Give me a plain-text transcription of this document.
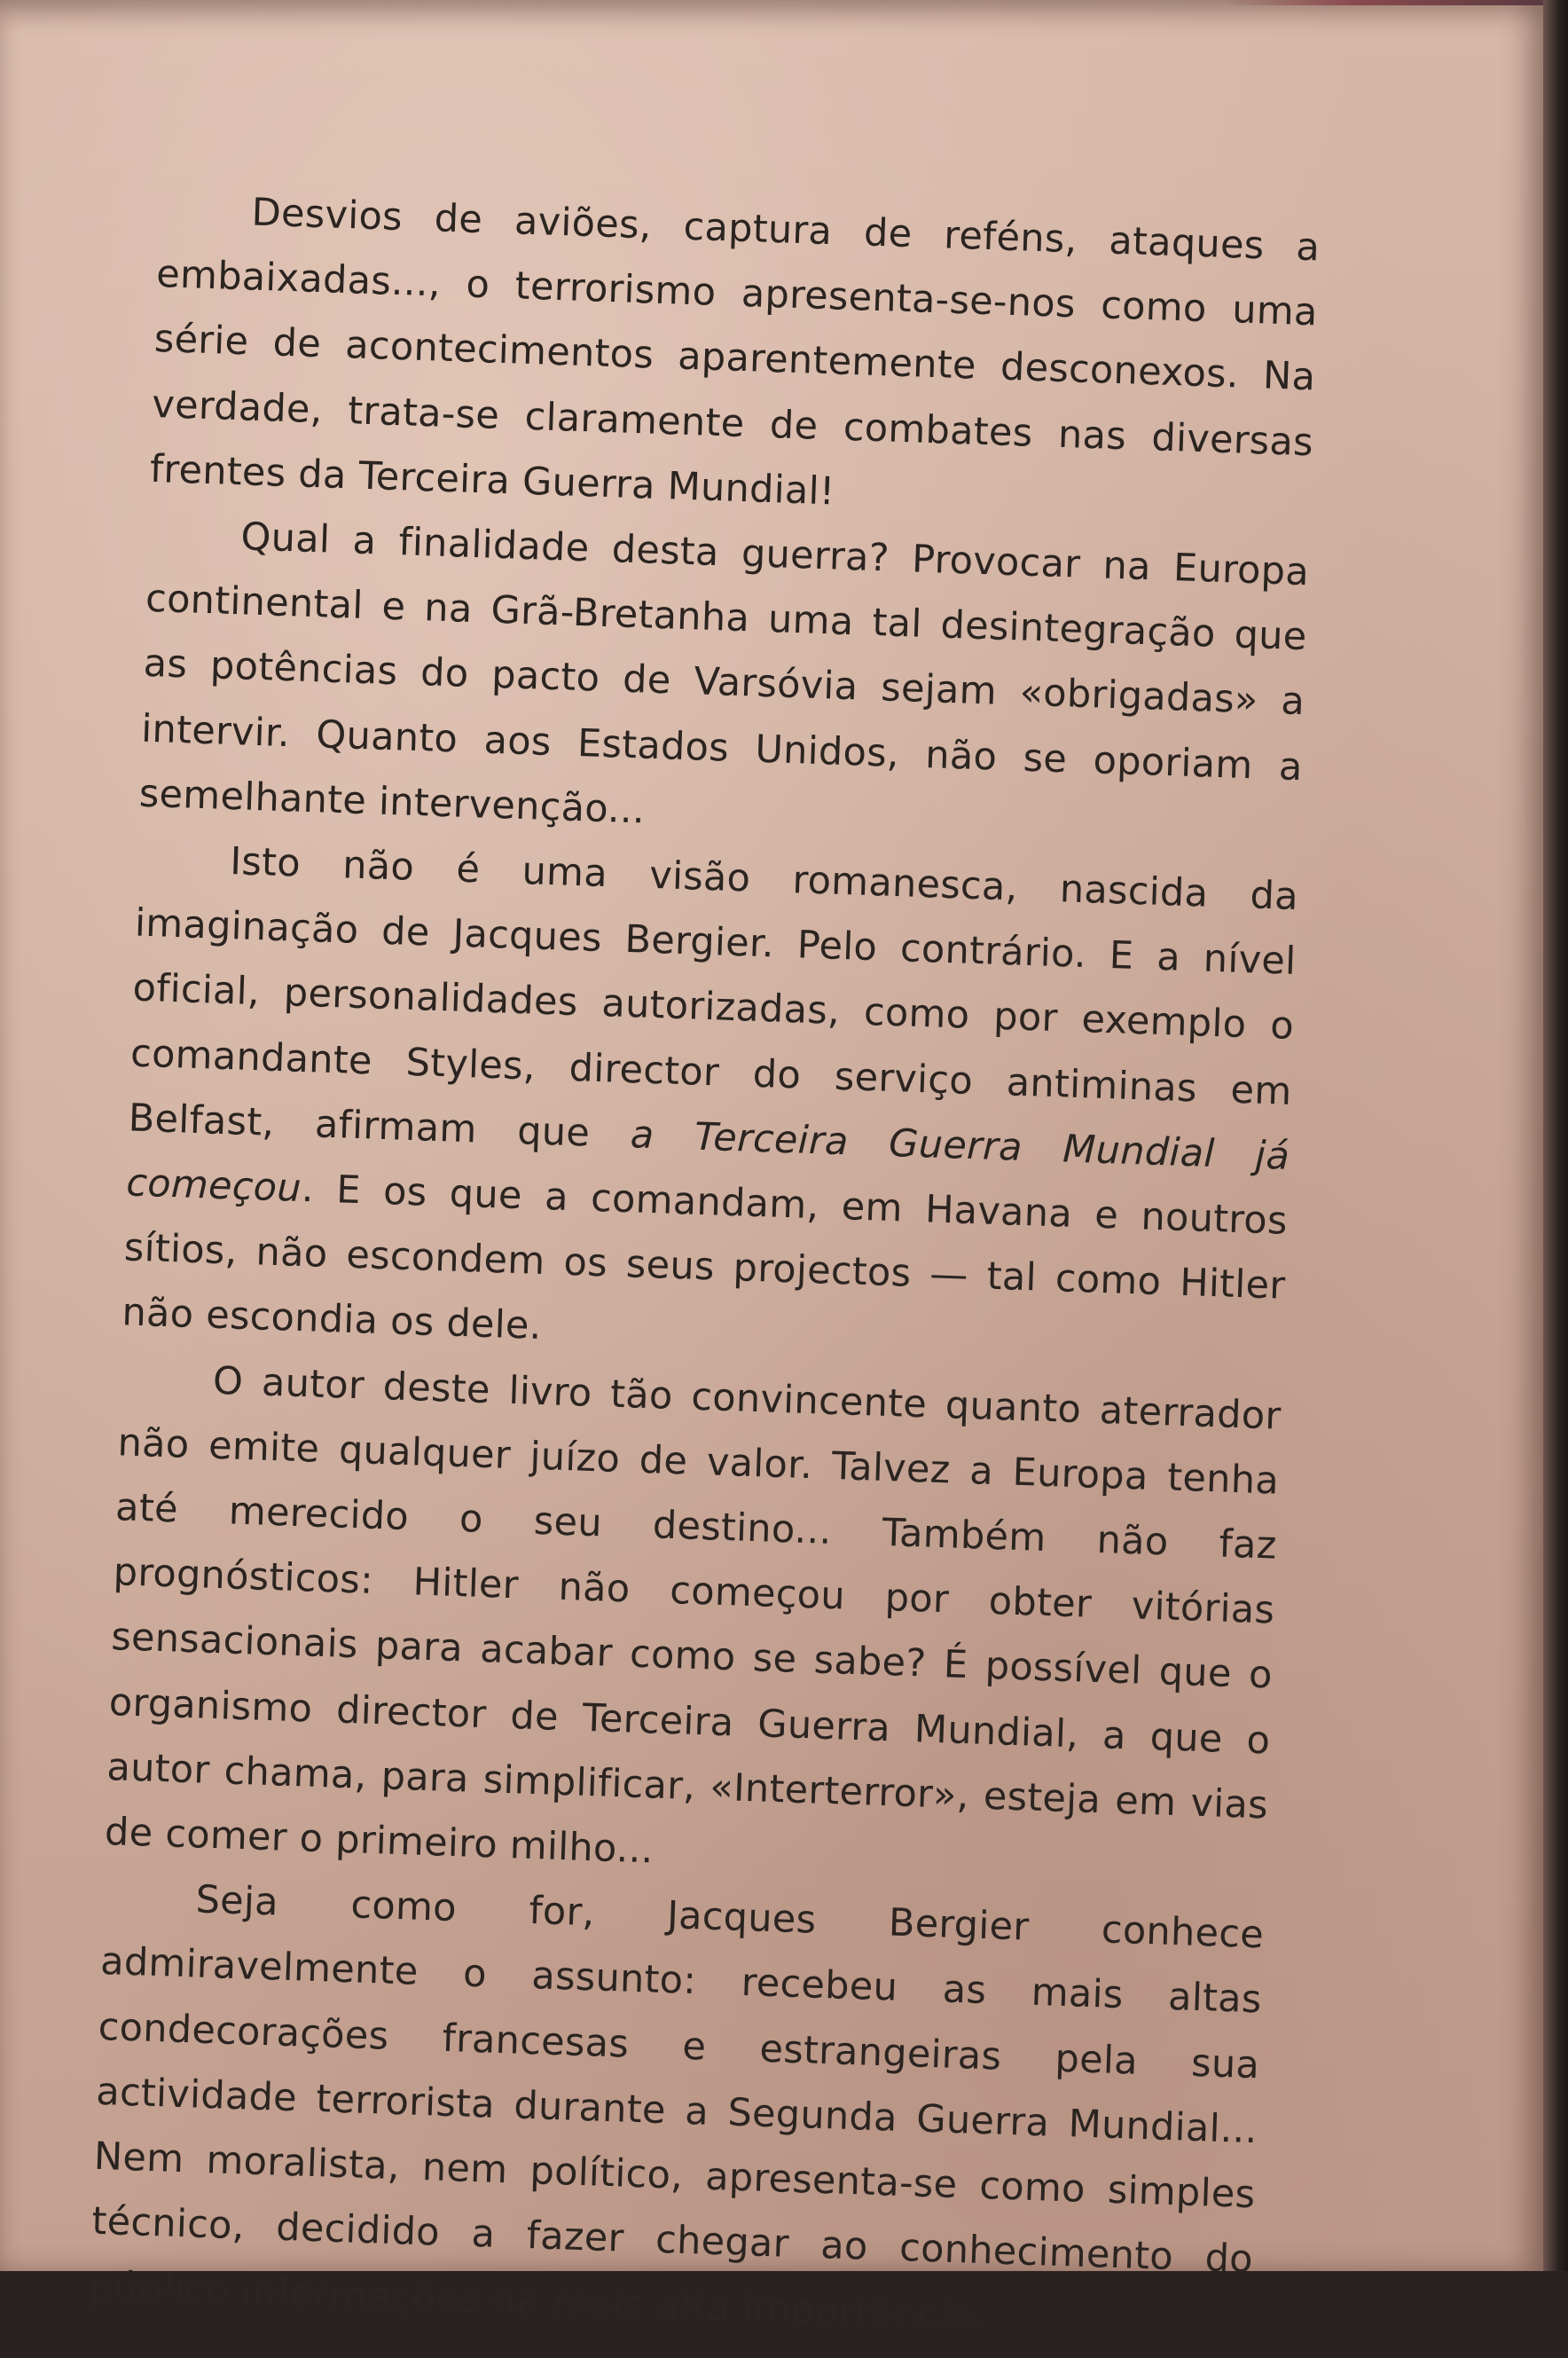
Desvios de aviões, captura de reféns, ataques a embaixadas..., o terrorismo apresenta-se-nos como uma série de acontecimentos aparentemente desconexos. Na verdade, trata-se claramente de combates nas diversas frentes da Terceira Guerra Mundial!

Qual a finalidade desta guerra? Provocar na Europa continental e na Grã-Bretanha uma tal desintegração que as potências do pacto de Varsóvia sejam «obrigadas» a intervir. Quanto aos Estados Unidos, não se oporiam a semelhante intervenção...

Isto não é uma visão romanesca, nascida da imaginação de Jacques Bergier. Pelo contrário. E a nível oficial, personalidades autorizadas, como por exemplo o comandante Styles, director do serviço antiminas em Belfast, afirmam que a Terceira Guerra Mundial já começou. E os que a comandam, em Havana e noutros sítios, não escondem os seus projectos — tal como Hitler não escondia os dele.

O autor deste livro tão convincente quanto aterrador não emite qualquer juízo de valor. Talvez a Europa tenha até merecido o seu destino... Também não faz prognósticos: Hitler não começou por obter vitórias sensacionais para acabar como se sabe? É possível que o organismo director de Terceira Guerra Mundial, a que o autor chama, para simplificar, «Interterror», esteja em vias de comer o primeiro milho...

Seja como for, Jacques Bergier conhece admiravelmente o assunto: recebeu as mais altas condecorações francesas e estrangeiras pela sua actividade terrorista durante a Segunda Guerra Mundial... Nem moralista, nem político, apresenta-se como simples técnico, decidido a fazer chegar ao conhecimento do público informações da mais alta importância.
